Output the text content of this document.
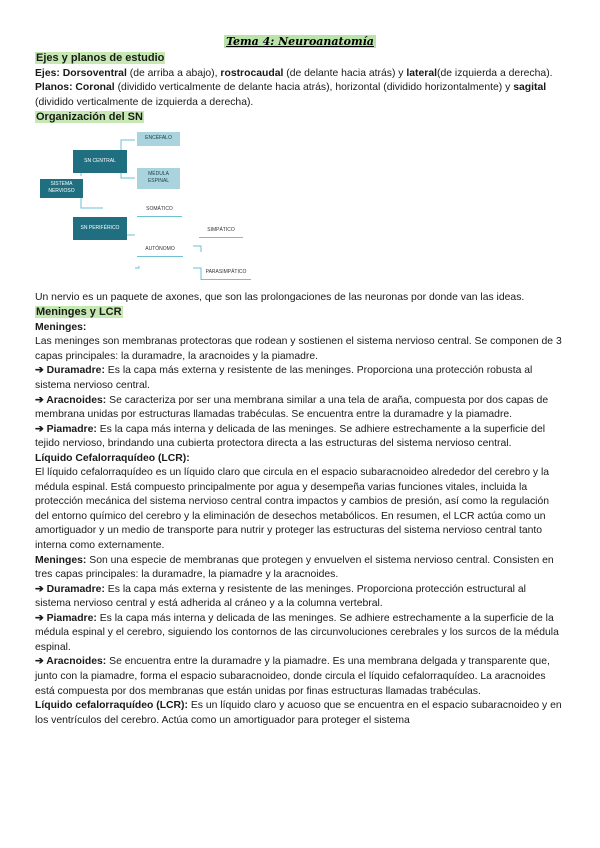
Tema 4: Neuroanatomía

Ejes y planos de estudio

Ejes: Dorsoventral (de arriba a abajo), rostrocaudal (de delante hacia atrás) y lateral(de izquierda a derecha).

Planos: Coronal (dividido verticalmente de delante hacia atrás), horizontal (dividido horizontalmente) y sagital (dividido verticalmente de izquierda a derecha).

Organización del SN

ENCÉFALO
SN CENTRAL
MÉDULA ESPINAL
SISTEMA NERVIOSO
SOMÁTICO
SN PERIFÉRICO	SIMPÁTICO
AUTÓNOMO
PARASIMPÁTICO

Un nervio es un paquete de axones, que son las prolongaciones de las neuronas por donde van las ideas.

Meninges y LCR

Meninges:

Las meninges son membranas protectoras que rodean y sostienen el sistema nervioso central. Se componen de 3 capas principales: la duramadre, la aracnoides y la piamadre.

➔ Duramadre: Es la capa más externa y resistente de las meninges. Proporciona una protección robusta al sistema nervioso central.

➔ Aracnoides: Se caracteriza por ser una membrana similar a una tela de araña, compuesta por dos capas de membrana unidas por estructuras llamadas trabéculas. Se encuentra entre la duramadre y la piamadre.

➔ Piamadre: Es la capa más interna y delicada de las meninges. Se adhiere estrechamente a la superficie del tejido nervioso, brindando una cubierta protectora directa a las estructuras del sistema nervioso central.

Líquido Cefalorraquídeo (LCR):

El líquido cefalorraquídeo es un líquido claro que circula en el espacio subaracnoideo alrededor del cerebro y la médula espinal. Está compuesto principalmente por agua y desempeña varias funciones vitales, incluida la protección mecánica del sistema nervioso central contra impactos y cambios de presión, así como la regulación del entorno químico del cerebro y la eliminación de desechos metabólicos. En resumen, el LCR actúa como un amortiguador y un medio de transporte para nutrir y proteger las estructuras del sistema nervioso central tanto interna como externamente.

Meninges: Son una especie de membranas que protegen y envuelven el sistema nervioso central. Consisten en tres capas principales: la duramadre, la piamadre y la aracnoides.

➔ Duramadre: Es la capa más externa y resistente de las meninges. Proporciona protección estructural al sistema nervioso central y está adherida al cráneo y a la columna vertebral.

➔ Piamadre: Es la capa más interna y delicada de las meninges. Se adhiere estrechamente a la superficie de la médula espinal y el cerebro, siguiendo los contornos de las circunvoluciones cerebrales y los surcos de la médula espinal.

➔ Aracnoides: Se encuentra entre la duramadre y la piamadre. Es una membrana delgada y transparente que, junto con la piamadre, forma el espacio subaracnoideo, donde circula el líquido cefalorraquídeo. La aracnoides está compuesta por dos membranas que están unidas por finas estructuras llamadas trabéculas.

Líquido cefalorraquídeo (LCR): Es un líquido claro y acuoso que se encuentra en el espacio subaracnoideo y en los ventrículos del cerebro. Actúa como un amortiguador para proteger el sistema
